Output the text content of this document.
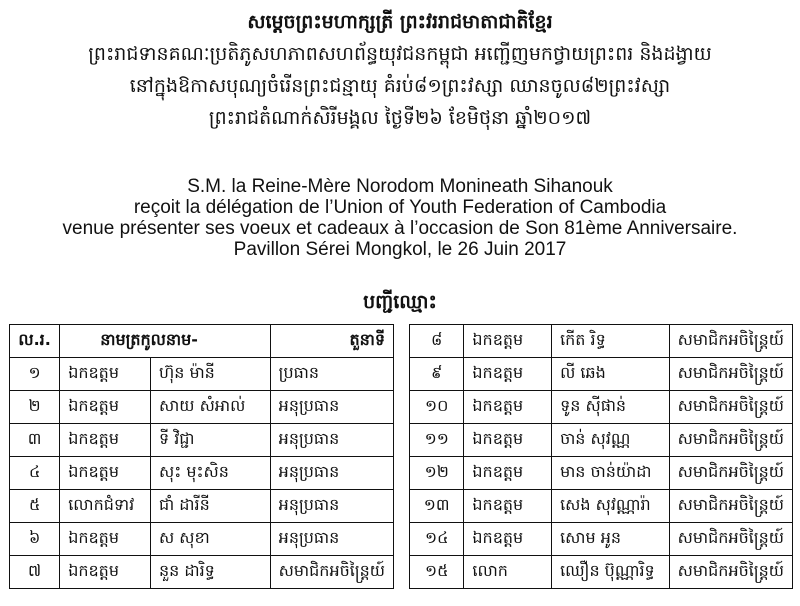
សម្តេចព្រះមហាក្សត្រី ព្រះវររាជមាតាជាតិខ្មែរ
ព្រះរាជទានគណៈប្រតិភូសហភាពសហព័ន្ធយុវជនកម្ពុជា អញ្ជើញមកថ្វាយព្រះពរ និងដង្វាយ
នៅក្នុងឱកាសបុណ្យចំរើនព្រះជន្មាយុ គំរប់៨១ព្រះវស្សា ឈានចូល៨២ព្រះវស្សា
ព្រះរាជតំណាក់សិរីមង្គល ថ្ងៃទី២៦ ខែមិថុនា ឆ្នាំ២០១៧
S.M. la Reine-Mère Norodom Monineath Sihanouk
reçoit la délégation de l’Union of Youth Federation of Cambodia
venue présenter ses voeux et cadeaux à l’occasion de Son 81ème Anniversaire.
Pavillon Sérei Mongkol, le 26 Juin 2017
បញ្ជីឈ្មោះ
ល.រ.	នាមត្រកូលនាម-		តួនាទី
១	ឯកឧត្តម	ហ៊ុន ម៉ានី	ប្រធាន
២	ឯកឧត្តម	សាយ សំអាល់	អនុប្រធាន
៣	ឯកឧត្តម	ទី វិជ្ជា	អនុប្រធាន
៤	ឯកឧត្តម	សុះ មុះសិន	អនុប្រធាន
៥	លោកជំទាវ	ជាំ ដារីនី	អនុប្រធាន
៦	ឯកឧត្តម	ស សុខា	អនុប្រធាន
៧	ឯកឧត្តម	នួន ដារិទ្ធ	សមាជិកអចិន្ត្រៃយ៍
៨	ឯកឧត្តម	កើត រិទ្ធ	សមាជិកអចិន្ត្រៃយ៍
៩	ឯកឧត្តម	លី ឆេង	សមាជិកអចិន្ត្រៃយ៍
១០	ឯកឧត្តម	ទូន ស៊ីផាន់	សមាជិកអចិន្ត្រៃយ៍
១១	ឯកឧត្តម	ចាន់ សុវណ្ណ	សមាជិកអចិន្ត្រៃយ៍
១២	ឯកឧត្តម	មាន ចាន់យ៉ាដា	សមាជិកអចិន្ត្រៃយ៍
១៣	ឯកឧត្តម	សេង សុវណ្ណារ៉ា	សមាជិកអចិន្ត្រៃយ៍
១៤	ឯកឧត្តម	សោម អូន	សមាជិកអចិន្ត្រៃយ៍
១៥	លោក	ឈឿន ប៊ុណ្ណារិទ្ធ	សមាជិកអចិន្ត្រៃយ៍
